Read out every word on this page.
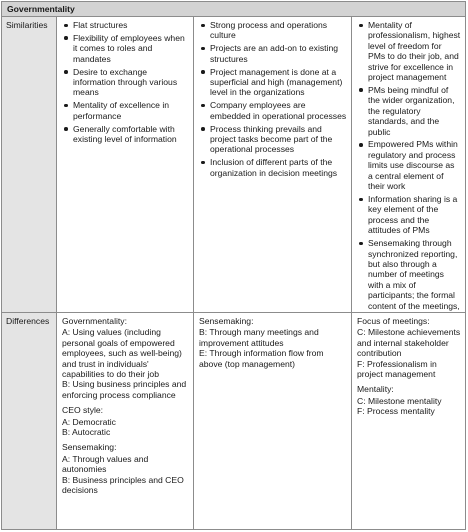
Governmentality
Similarities	Flat structures
Flexibility of employees when it comes to roles and mandates
Desire to exchange information through various means
Mentality of excellence in performance
Generally comfortable with existing level of information
Strong process and operations culture
Projects are an add-on to existing structures
Project management is done at a superficial and high (management) level in the organizations
Company employees are embedded in operational processes
Process thinking prevails and project tasks become part of the operational processes
Inclusion of different parts of the organization in decision meetings
Mentality of professionalism, highest level of freedom for PMs to do their job, and strive for excellence in project management
PMs being mindful of the wider organization, the regulatory standards, and the public
Empowered PMs within regulatory and process limits use discourse as a central element of their work
Information sharing is a key element of the process and the attitudes of PMs
Sensemaking through synchronized reporting, but also through a number of meetings with a mix of participants; the formal content of the meetings,
Differences	Governmentality:
A: Using values (including personal goals of empowered employees, such as well-being) and trust in individuals' capabilities to do their job
B: Using business principles and enforcing process compliance
CEO style:
A: Democratic
B: Autocratic
Sensemaking:
A: Through values and autonomies
B: Business principles and CEO decisions
Sensemaking:
B: Through many meetings and improvement attitudes
E: Through information flow from above (top management)
Focus of meetings:
C: Milestone achievements and internal stakeholder contribution
F: Professionalism in project management
Mentality:
C: Milestone mentality
F: Process mentality
